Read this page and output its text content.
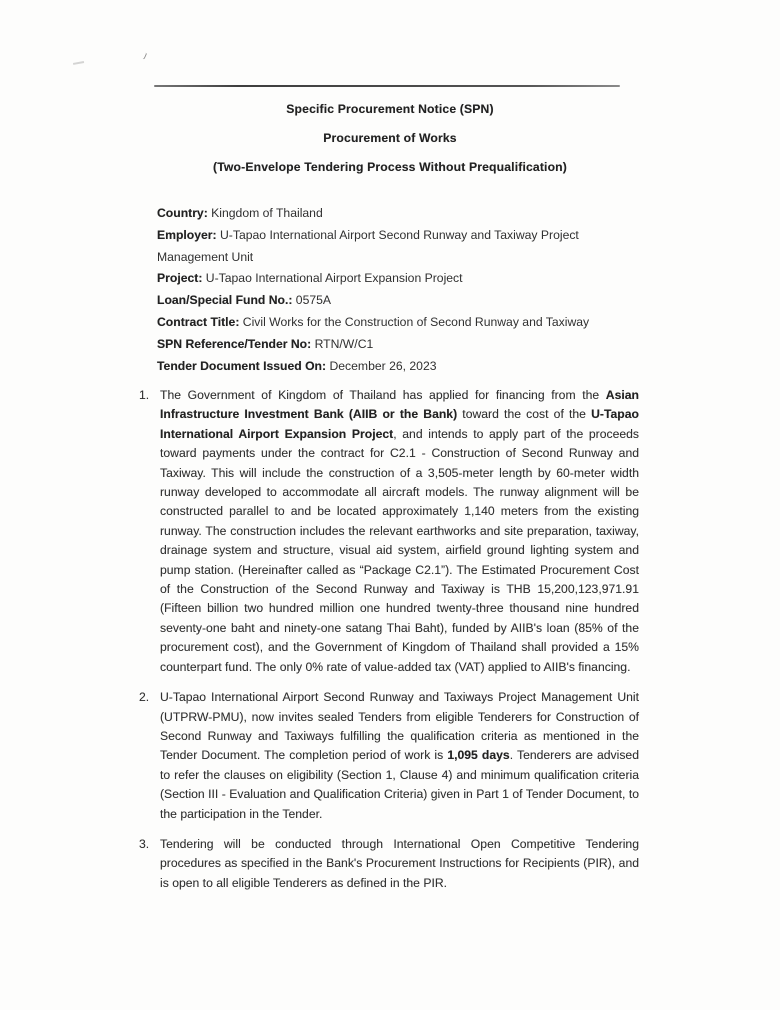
Specific Procurement Notice (SPN)
Procurement of Works
(Two-Envelope Tendering Process Without Prequalification)
Country: Kingdom of Thailand
Employer: U-Tapao International Airport Second Runway and Taxiway Project Management Unit
Project: U-Tapao International Airport Expansion Project
Loan/Special Fund No.: 0575A
Contract Title: Civil Works for the Construction of Second Runway and Taxiway
SPN Reference/Tender No: RTN/W/C1
Tender Document Issued On: December 26, 2023
1. The Government of Kingdom of Thailand has applied for financing from the Asian Infrastructure Investment Bank (AIIB or the Bank) toward the cost of the U-Tapao International Airport Expansion Project, and intends to apply part of the proceeds toward payments under the contract for C2.1 - Construction of Second Runway and Taxiway. This will include the construction of a 3,505-meter length by 60-meter width runway developed to accommodate all aircraft models. The runway alignment will be constructed parallel to and be located approximately 1,140 meters from the existing runway. The construction includes the relevant earthworks and site preparation, taxiway, drainage system and structure, visual aid system, airfield ground lighting system and pump station. (Hereinafter called as “Package C2.1”). The Estimated Procurement Cost of the Construction of the Second Runway and Taxiway is THB 15,200,123,971.91 (Fifteen billion two hundred million one hundred twenty-three thousand nine hundred seventy-one baht and ninety-one satang Thai Baht), funded by AIIB's loan (85% of the procurement cost), and the Government of Kingdom of Thailand shall provided a 15% counterpart fund. The only 0% rate of value-added tax (VAT) applied to AIIB's financing.
2. U-Tapao International Airport Second Runway and Taxiways Project Management Unit (UTPRW-PMU), now invites sealed Tenders from eligible Tenderers for Construction of Second Runway and Taxiways fulfilling the qualification criteria as mentioned in the Tender Document. The completion period of work is 1,095 days. Tenderers are advised to refer the clauses on eligibility (Section 1, Clause 4) and minimum qualification criteria (Section III - Evaluation and Qualification Criteria) given in Part 1 of Tender Document, to the participation in the Tender.
3. Tendering will be conducted through International Open Competitive Tendering procedures as specified in the Bank's Procurement Instructions for Recipients (PIR), and is open to all eligible Tenderers as defined in the PIR.
